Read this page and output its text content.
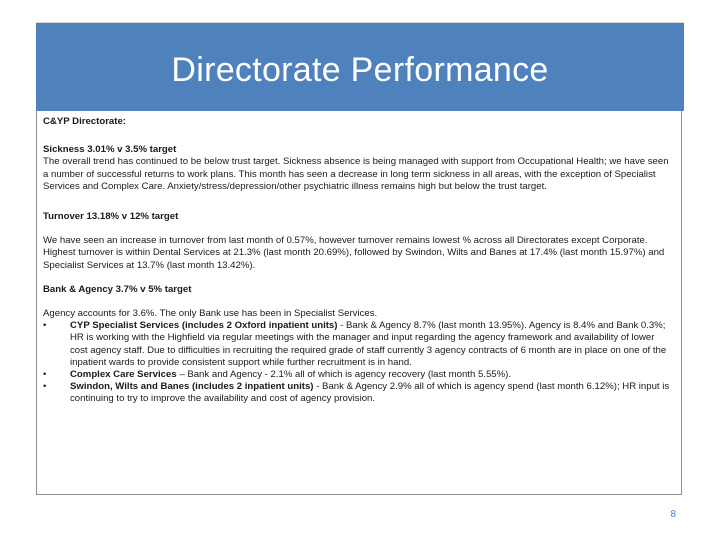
Directorate Performance

C&YP Directorate:

Sickness 3.01% v 3.5% target

The overall trend has continued to be below trust target. Sickness absence is being managed with support from Occupational Health; we have seen a number of successful returns to work plans. This month has seen a decrease in long term sickness in all areas, with the exception of Specialist Services and Complex Care. Anxiety/stress/depression/other psychiatric illness remains high but below the trust target.

Turnover 13.18% v 12% target

We have seen an increase in turnover from last month of 0.57%, however turnover remains lowest % across all Directorates except Corporate. Highest turnover is within Dental Services at 21.3% (last month 20.69%), followed by Swindon, Wilts and Banes at 17.4% (last month 15.97%) and Specialist Services at 13.7% (last month 13.42%).

Bank & Agency 3.7% v 5% target

Agency accounts for 3.6%. The only Bank use has been in Specialist Services.

•	CYP Specialist Services (includes 2 Oxford inpatient units) - Bank & Agency 8.7% (last month 13.95%). Agency is 8.4% and Bank 0.3%; HR is working with the Highfield via regular meetings with the manager and input regarding the agency framework and availability of lower cost agency staff. Due to difficulties in recruiting the required grade of staff currently 3 agency contracts of 6 month are in place on one of the inpatient wards to provide consistent support while further recruitment is in hand.
•	Complex Care Services – Bank and Agency - 2.1% all of which is agency recovery (last month 5.55%).
•	Swindon, Wilts and Banes (includes 2 inpatient units) - Bank & Agency 2.9% all of which is agency spend (last month 6.12%); HR input is continuing to try to improve the availability and cost of agency provision.
8
